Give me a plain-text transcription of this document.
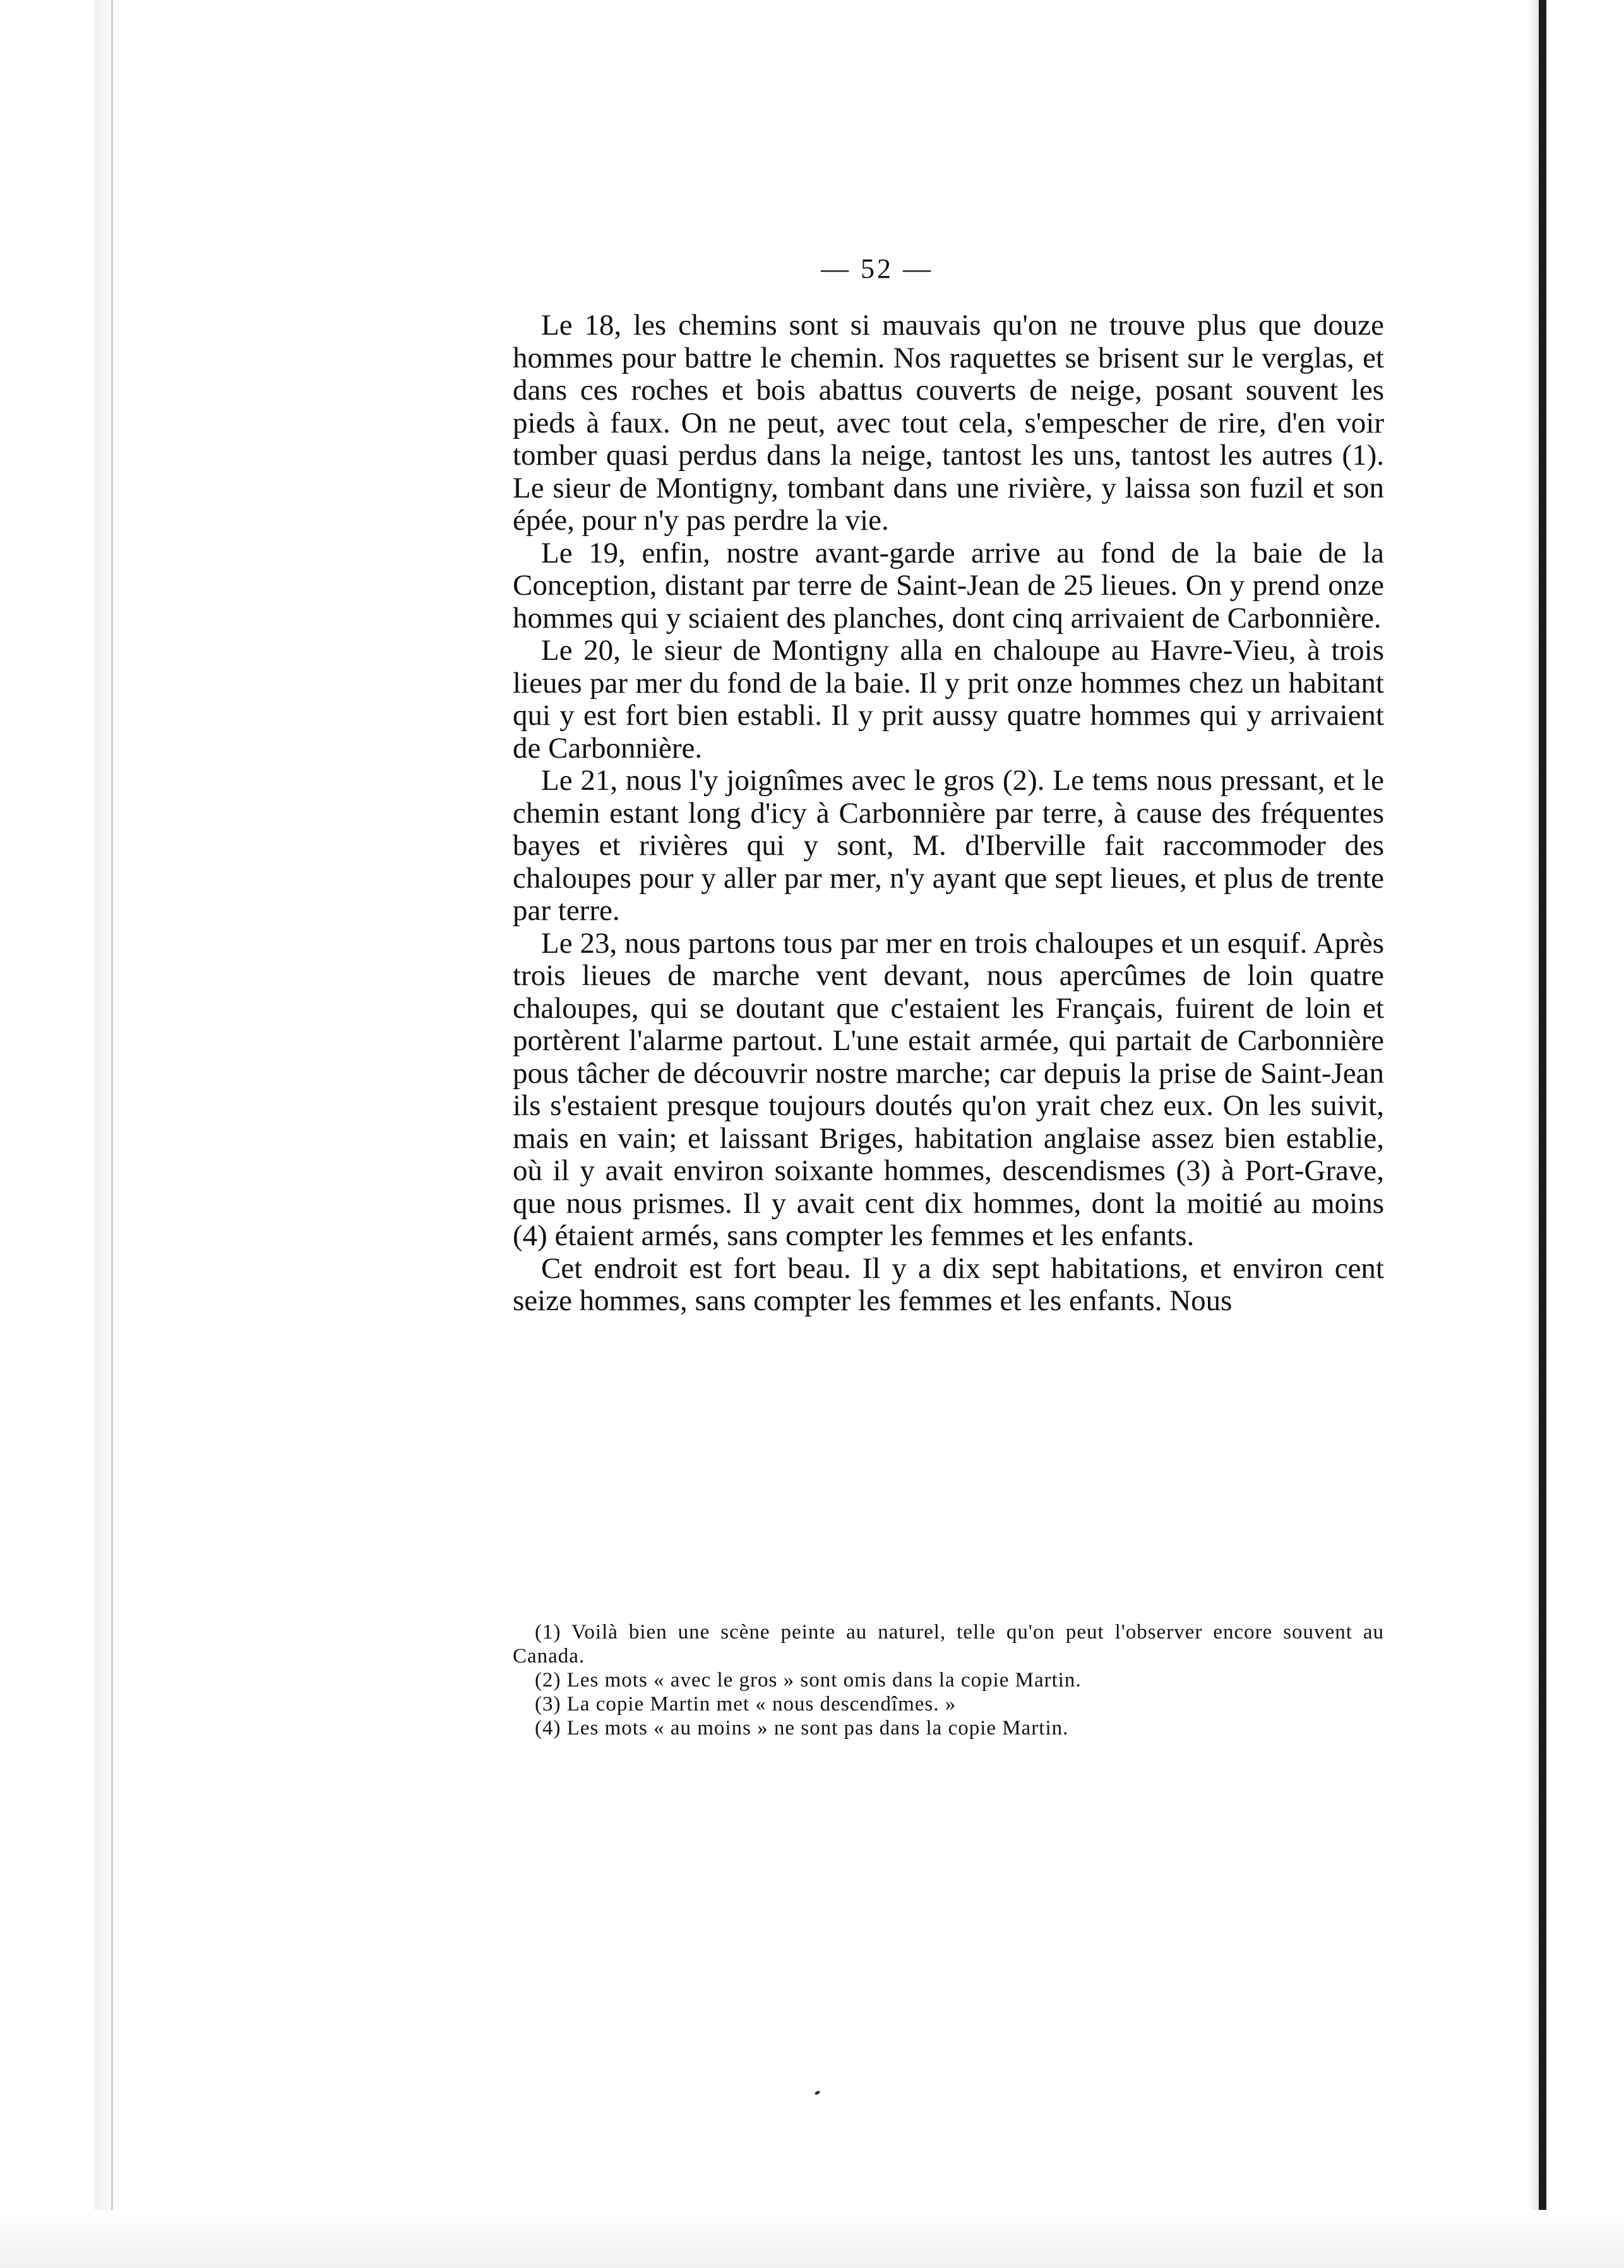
— 52 —

Le 18, les chemins sont si mauvais qu'on ne trouve plus que douze hommes pour battre le chemin. Nos raquettes se brisent sur le verglas, et dans ces roches et bois abattus couverts de neige, posant souvent les pieds à faux. On ne peut, avec tout cela, s'empescher de rire, d'en voir tomber quasi perdus dans la neige, tantost les uns, tantost les autres (1). Le sieur de Montigny, tombant dans une rivière, y laissa son fuzil et son épée, pour n'y pas perdre la vie.

Le 19, enfin, nostre avant-garde arrive au fond de la baie de la Conception, distant par terre de Saint-Jean de 25 lieues. On y prend onze hommes qui y sciaient des planches, dont cinq arrivaient de Carbonnière.

Le 20, le sieur de Montigny alla en chaloupe au Havre-Vieu, à trois lieues par mer du fond de la baie. Il y prit onze hommes chez un habitant qui y est fort bien establi. Il y prit aussy quatre hommes qui y arrivaient de Carbonnière.

Le 21, nous l'y joignîmes avec le gros (2). Le tems nous pressant, et le chemin estant long d'icy à Carbonnière par terre, à cause des fréquentes bayes et rivières qui y sont, M. d'Iberville fait raccommoder des chaloupes pour y aller par mer, n'y ayant que sept lieues, et plus de trente par terre.

Le 23, nous partons tous par mer en trois chaloupes et un esquif. Après trois lieues de marche vent devant, nous apercûmes de loin quatre chaloupes, qui se doutant que c'estaient les Français, fuirent de loin et portèrent l'alarme partout. L'une estait armée, qui partait de Carbonnière pous tâcher de découvrir nostre marche; car depuis la prise de Saint-Jean ils s'estaient presque toujours doutés qu'on yrait chez eux. On les suivit, mais en vain; et laissant Briges, habitation anglaise assez bien establie, où il y avait environ soixante hommes, descendismes (3) à Port-Grave, que nous prismes. Il y avait cent dix hommes, dont la moitié au moins (4) étaient armés, sans compter les femmes et les enfants.

Cet endroit est fort beau. Il y a dix sept habitations, et environ cent seize hommes, sans compter les femmes et les enfants. Nous

(1) Voilà bien une scène peinte au naturel, telle qu'on peut l'observer encore souvent au Canada.

(2) Les mots « avec le gros » sont omis dans la copie Martin.

(3) La copie Martin met « nous descendîmes. »

(4) Les mots « au moins » ne sont pas dans la copie Martin.
